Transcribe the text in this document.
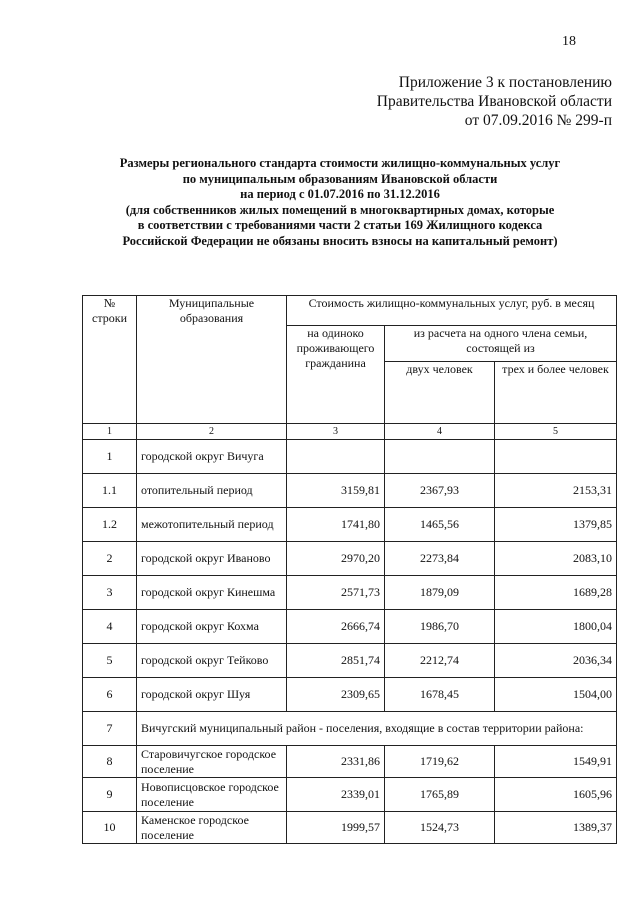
18
Приложение 3 к постановлению
Правительства Ивановской области
от 07.09.2016 № 299-п
Размеры регионального стандарта стоимости жилищно-коммунальных услуг
по муниципальным образованиям Ивановской области
на период с 01.07.2016 по 31.12.2016
(для собственников жилых помещений в многоквартирных домах, которые
в соответствии с требованиями части 2 статьи 169 Жилищного кодекса
Российской Федерации не обязаны вносить взносы на капитальный ремонт)
№ строки	Муниципальные образования	Стоимость жилищно-коммунальных услуг, руб. в месяц		
		на одиноко проживающего гражданина	из расчета на одного члена семьи, состоящей из	
			двух человек	трех и более человек
1	2	3	4	5
1	городской округ Вичуга			
1.1	отопительный период	3159,81	2367,93	2153,31
1.2	межотопительный период	1741,80	1465,56	1379,85
2	городской округ Иваново	2970,20	2273,84	2083,10
3	городской округ Кинешма	2571,73	1879,09	1689,28
4	городской округ Кохма	2666,74	1986,70	1800,04
5	городской округ Тейково	2851,74	2212,74	2036,34
6	городской округ Шуя	2309,65	1678,45	1504,00
7	Вичугский муниципальный район - поселения, входящие в состав территории района:			
8	Старовичугское городское поселение	2331,86	1719,62	1549,91
9	Новописцовское городское поселение	2339,01	1765,89	1605,96
10	Каменское городское поселение	1999,57	1524,73	1389,37
